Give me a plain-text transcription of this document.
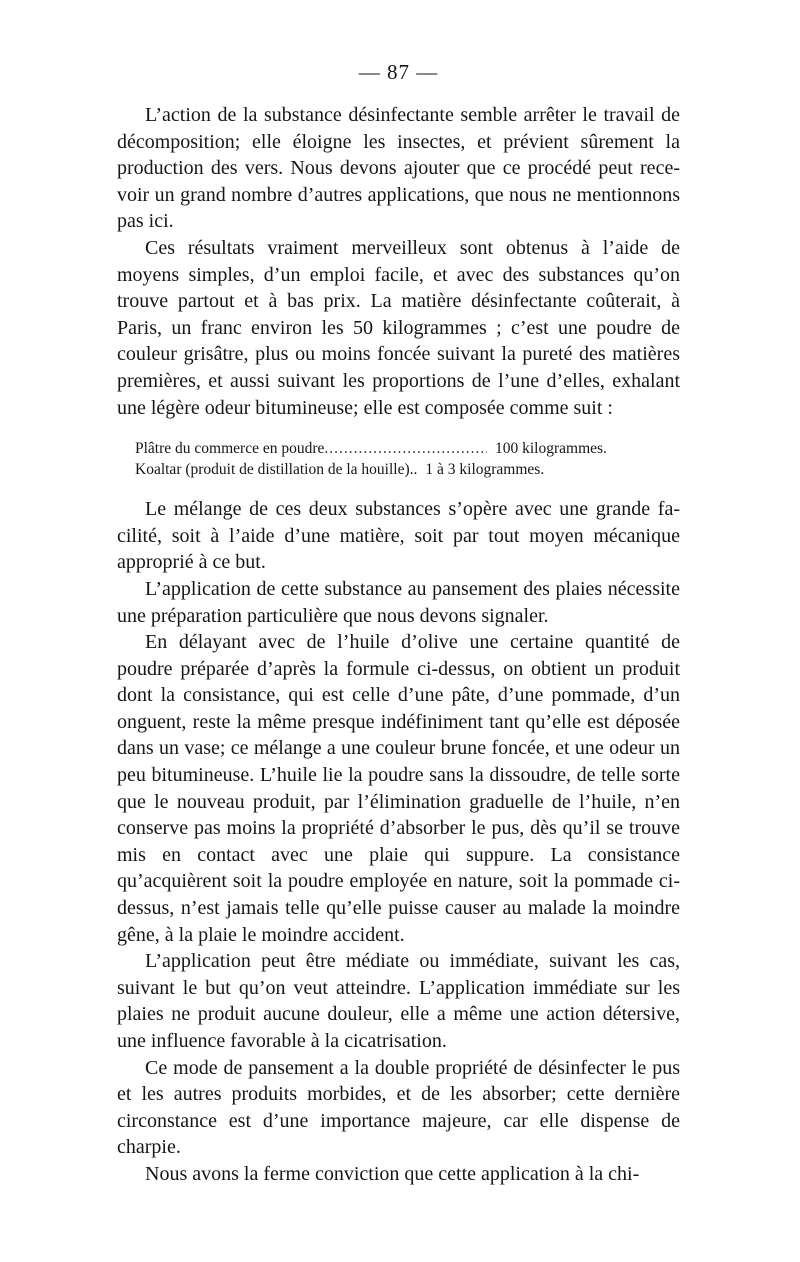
— 87 —

L’action de la substance désinfectante semble arrêter le travail de décomposition; elle éloigne les insectes, et prévient sûrement la production des vers. Nous devons ajouter que ce procédé peut recevoir un grand nombre d’autres applications, que nous ne mentionnons pas ici.

Ces résultats vraiment merveilleux sont obtenus à l’aide de moyens simples, d’un emploi facile, et avec des substances qu’on trouve partout et à bas prix. La matière désinfectante coûterait, à Paris, un franc environ les 50 kilogrammes ; c’est une poudre de couleur grisâtre, plus ou moins foncée suivant la pureté des matières premières, et aussi suivant les proportions de l’une d’elles, exhalant une légère odeur bitumineuse; elle est composée comme suit :

Plâtre du commerce en poudre
.....	100 kilogrammes.
Koaltar (produit de distillation de la houille).. 1 à 3 kilogrammes.

Le mélange de ces deux substances s’opère avec une grande facilité, soit à l’aide d’une matière, soit par tout moyen mécanique approprié à ce but.

L’application de cette substance au pansement des plaies nécessite une préparation particulière que nous devons signaler.

En délayant avec de l’huile d’olive une certaine quantité de poudre préparée d’après la formule ci-dessus, on obtient un produit dont la consistance, qui est celle d’une pâte, d’une pommade, d’un onguent, reste la même presque indéfiniment tant qu’elle est déposée dans un vase; ce mélange a une couleur brune foncée, et une odeur un peu bitumineuse. L’huile lie la poudre sans la dissoudre, de telle sorte que le nouveau produit, par l’élimination graduelle de l’huile, n’en conserve pas moins la propriété d’absorber le pus, dès qu’il se trouve mis en contact avec une plaie qui suppure. La consistance qu’acquièrent soit la poudre employée en nature, soit la pommade ci-dessus, n’est jamais telle qu’elle puisse causer au malade la moindre gêne, à la plaie le moindre accident.

L’application peut être médiate ou immédiate, suivant les cas, suivant le but qu’on veut atteindre. L’application immédiate sur les plaies ne produit aucune douleur, elle a même une action détersive, une influence favorable à la cicatrisation.

Ce mode de pansement a la double propriété de désinfecter le pus et les autres produits morbides, et de les absorber; cette dernière circonstance est d’une importance majeure, car elle dispense de charpie.

Nous avons la ferme conviction que cette application à la chi-
